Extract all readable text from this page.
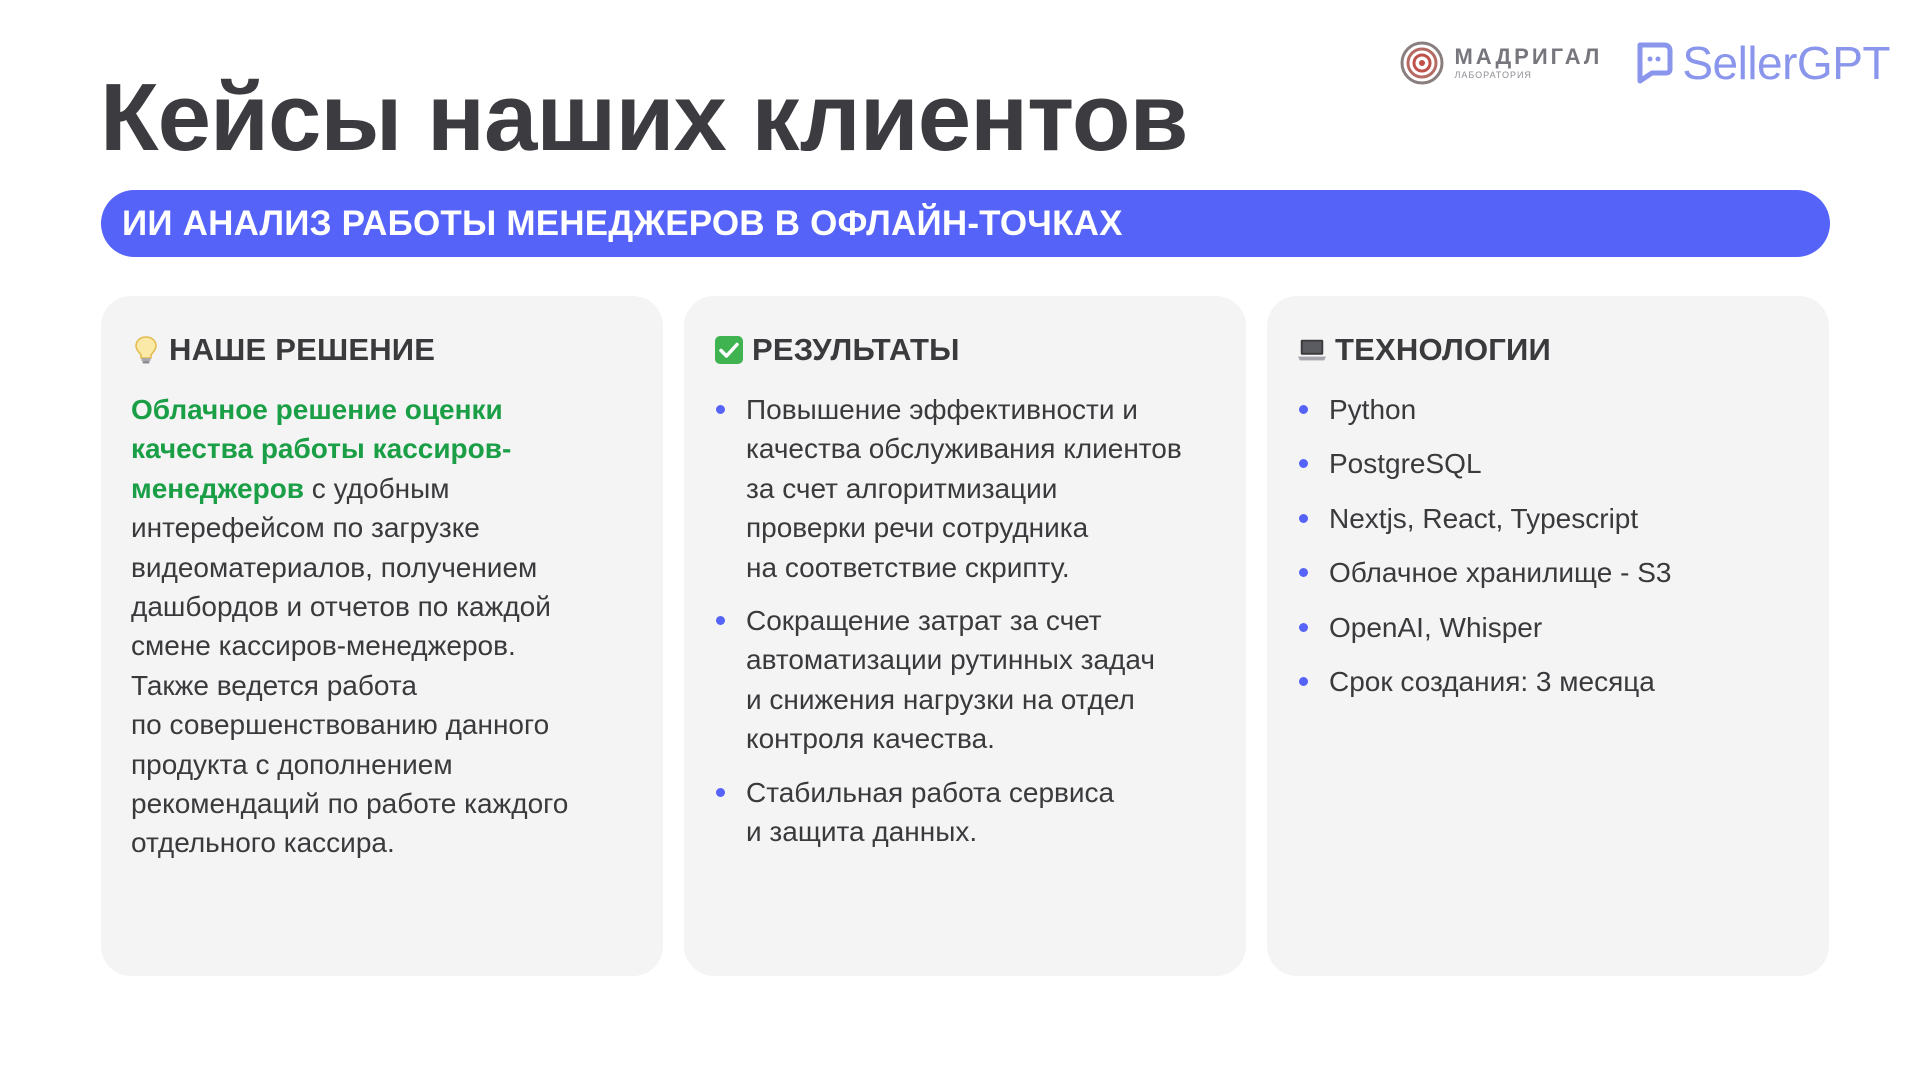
Кейсы наших клиентов
МАДРИГАЛ
ЛАБОРАТОРИЯ	SellerGPT
ИИ АНАЛИЗ РАБОТЫ МЕНЕДЖЕРОВ В ОФЛАЙН-ТОЧКАХ
НАШЕ РЕШЕНИЕ
Облачное решение оценки
качества работы кассиров-
менеджеров с удобным
интерефейсом по загрузке
видеоматериалов, получением
дашбордов и отчетов по каждой
смене кассиров-менеджеров.
Также ведется работа
по совершенствованию данного
продукта с дополнением
рекомендаций по работе каждого
отдельного кассира.
РЕЗУЛЬТАТЫ
Повышение эффективности и
качества обслуживания клиентов
за счет алгоритмизации
проверки речи сотрудника
на соответствие скрипту.
Сокращение затрат за счет
автоматизации рутинных задач
и снижения нагрузки на отдел
контроля качества.
Стабильная работа сервиса
и защита данных.
ТЕХНОЛОГИИ
Python
PostgreSQL
Nextjs, React, Typescript
Облачное хранилище - S3
OpenAI, Whisper
Срок создания: 3 месяца
